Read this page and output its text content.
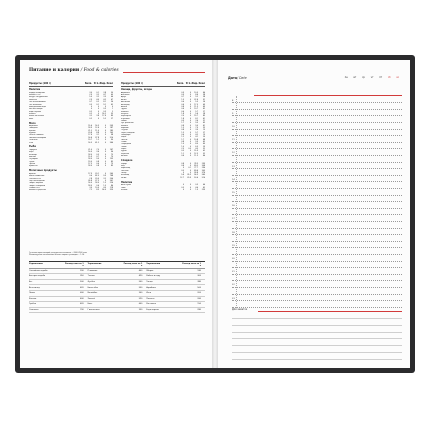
Питание и калории / Food & calories
Продукты (100 г)	Белк. Угл. Жир. Ккал
Напитки
Кефир нежирный	3.0	0.1	3.8	30
Молоко 3.2%	2.9	3.2	4.7	60
Йогурт натуральный	5.0	3.2	3.5	66
Ряженка	2.9	4.0	4.2	67
Сок апельсиновый	0.7	0.2	8.1	36
Сок яблочный	0.5	0.1	9.1	42
Минеральная вода	0	0	0	0
Чай без сахара	0	0	0.3	1
Кофе черный	0.2	0	0.3	2
Компот	0.2	0	14.2	53
Какао на молоке	3.2	3.8	17.4	89
Квас	0.2	0	5.2	27
Мясо
Баранина	15.6	16.3	0	209
Говядина	18.9	12.4	0	187
Кролик	21.2	11.0	0	183
Курица	20.8	8.8	0	165
Печень говяжья	17.4	3.1	0	98
Свинина нежирная	16.4	27.8	0	316
Телятина	19.7	1.2	0	90
Утка	16.5	61.2	0	346
Рыба
Горбуша	21.0	7.0	0	147
Карп	16.0	3.6	0	96
Кальмар	18.0	0.3	0	75
Минтай	15.9	0.7	0	70
Скумбрия	18.0	9.0	0	153
Судак	19.0	0.8	0	83
Треска	17.5	0.6	0	75
Креветки	18.0	0.8	0	83
Молочные продукты
Брынза	17.9	20.1	0	260
Масло сливочное	0.6	82.5	0.9	748
Сметана 20%	2.8	20.0	3.2	206
Сыр голландский	26.8	27.3	0	361
Творог жирный	14.0	18.0	1.3	226
Творог нежирный	18.0	0.6	1.5	86
Сливки 10%	3.0	10.0	4.0	118
Молоко сгущенное	7.2	8.5	56.0	320
Продукты (100 г)	Белк. Угл. Жир. Ккал
Овощи, фрукты, ягоды
Абрикосы	0.9	0	10.5	46
Апельсин	0.9	0	8.4	38
Арбуз	0.7	0	9.2	38
Банан	1.5	0	22.4	91
Баклажан	0.6	0	5.5	24
Виноград	0.4	0	17.5	69
Вишня	0.8	0	11.3	49
Груша	0.4	0	10.7	42
Кабачки	0.6	0	5.7	27
Капуста	1.8	0	5.4	28
Картофель	2.0	0	19.7	83
Клубника	1.8	0	8.1	41
Лимон	0.9	0	3.6	31
Лук репчатый	1.7	0	9.5	43
Малина	0.8	0	9.0	41
Морковь	1.3	0	7.0	33
Огурцы	0.8	0	3.0	15
Перец сладкий	1.3	0	5.7	27
Помидоры	0.6	0	4.2	19
Редис	1.2	0	4.1	20
Свекла	1.7	0	10.8	48
Слива	0.8	0	9.9	43
Смородина	1.0	0	8.0	40
Тыква	1.0	0	6.5	29
Укроп	2.5	0.5	4.5	32
Хурма	0.5	0	15.9	62
Черешня	1.1	0	12.3	52
Яблоки	0.4	0	11.3	46
Сладкое
Зефир	0.8	0	78.3	299
Мед	0.8	0	80.3	308
Мармелад	0	0.1	77.7	296
Пастила	0.5	0	80.4	305
Сахар	0	0	99.8	374
Шоколад	5.4	35.3	56.5	540
Халва	12.7	29.9	50.6	516
Напитки
Вино сухое	0	0	0.3	66
Пиво	0.3	0	4.6	42
Коньяк	0	0	1.5	239
Суточная норма калорий для взрослого человека — 2000–2500 ккал
Рекомендуемое соотношение белков, жиров и углеводов — 1:1:4
Упражнения	Расход ккал за 1 ч
Упражнения	Расход ккал за 1 ч
Упражнения	Расход ккал за 1 ч
Спокойная ходьба	200	Плавание	400	Уборка	180
Быстрая ходьба	350	Теннис	420	Работа в саду	300
Бег	500	Футбол	500	Танцы	380
Велосипед	420	Баскетбол	550	Аэробика	500
Лыжи	600	Волейбол	300	Йога	200
Коньки	400	Хоккей	520	Пилатес	260
Гребля	420	Бокс	600	Растяжка	150
Скакалка	700	Гимнастика	350	Езда верхом	280
Дата/ Date	пн	вт	ср	чт	пт	сб	вс
8
9
10
11
12
13
14
15
16
17
18
19
20
21
22
23
Для заметок
